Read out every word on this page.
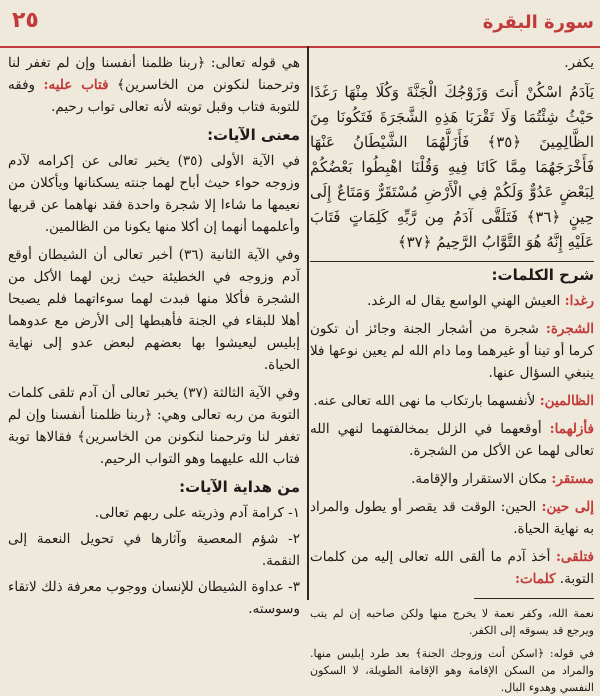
٢٥	سورة البقرة

يكفر.

يَآدَمُ اسْكُنْ أَنتَ وَزَوْجُكَ الْجَنَّةَ وَكُلَا مِنْهَا رَغَدًا حَيْثُ شِئْتُمَا وَلَا تَقْرَبَا هَذِهِ الشَّجَرَةَ فَتَكُونَا مِنَ الظَّالِمِينَ ﴿٣٥﴾ فَأَزَلَّهُمَا الشَّيْطَانُ عَنْهَا فَأَخْرَجَهُمَا مِمَّا كَانَا فِيهِ وَقُلْنَا اهْبِطُوا بَعْضُكُمْ لِبَعْضٍ عَدُوٌّ وَلَكُمْ فِي الْأَرْضِ مُسْتَقَرٌّ وَمَتَاعٌ إِلَى حِينٍ ﴿٣٦﴾ فَتَلَقَّى آدَمُ مِن رَّبِّهِ كَلِمَاتٍ فَتَابَ عَلَيْهِ إِنَّهُ هُوَ التَّوَّابُ الرَّحِيمُ ﴿٣٧﴾

شرح الكلمات:

رغدا: العيش الهني الواسع يقال له الرغد.

الشجرة: شجرة من أشجار الجنة وجائز أن تكون كرما أو تينا أو غيرهما وما دام الله لم يعين نوعها فلا ينبغي السؤال عنها.

الظالمين: لأنفسهما بارتكاب ما نهى الله تعالى عنه.

فأزلهما: أوقعهما في الزلل بمخالفتهما لنهي الله تعالى لهما عن الأكل من الشجرة.

مستقر: مكان الاستقرار والإقامة.

إلى حين: الحين: الوقت قد يقصر أو يطول والمراد به نهاية الحياة.

فتلقى: أخذ آدم ما ألقى الله تعالى إليه من كلمات التوبة. كلمات:

نعمة الله، وكفر نعمة لا يخرج منها ولكن صاحبه إن لم يتب ويرجع قد يسوقه إلى الكفر.

في قوله: ﴿اسكن أنت وزوجك الجنة﴾ بعد طرد إبليس منها. والمراد من السكن الإقامة وهو الإقامة الطويلة، لا السكون النفسي وهدوء البال.

هي قوله تعالى: ﴿ربنا ظلمنا أنفسنا وإن لم تغفر لنا وترحمنا لنكونن من الخاسرين﴾ فتاب عليه: وفقه للتوبة فتاب وقبل توبته لأنه تعالى تواب رحيم.

معنى الآيات:

في الآية الأولى (٣٥) يخبر تعالى عن إكرامه لآدم وزوجه حواء حيث أباح لهما جنته يسكنانها ويأكلان من نعيمها ما شاءا إلا شجرة واحدة فقد نهاهما عن قربها وأعلمهما أنهما إن أكلا منها يكونا من الظالمين.

وفي الآية الثانية (٣٦) أخبر تعالى أن الشيطان أوقع آدم وزوجه في الخطيئة حيث زين لهما الأكل من الشجرة فأكلا منها فبدت لهما سوءاتهما فلم يصبحا أهلا للبقاء في الجنة فأهبطها إلى الأرض مع عدوهما إبليس ليعيشوا بها بعضهم لبعض عدو إلى نهاية الحياة.

وفي الآية الثالثة (٣٧) يخبر تعالى أن آدم تلقى كلمات التوبة من ربه تعالى وهي: ﴿ربنا ظلمنا أنفسنا وإن لم تغفر لنا وترحمنا لنكونن من الخاسرين﴾ فقالاها توبة فتاب الله عليهما وهو التواب الرحيم.

من هداية الآيات:
١- كرامة آدم وذريته على ربهم تعالى.
٢- شؤم المعصية وآثارها في تحويل النعمة إلى النقمة.
٣- عداوة الشيطان للإنسان ووجوب معرفة ذلك لاتقاء وسوسته.
